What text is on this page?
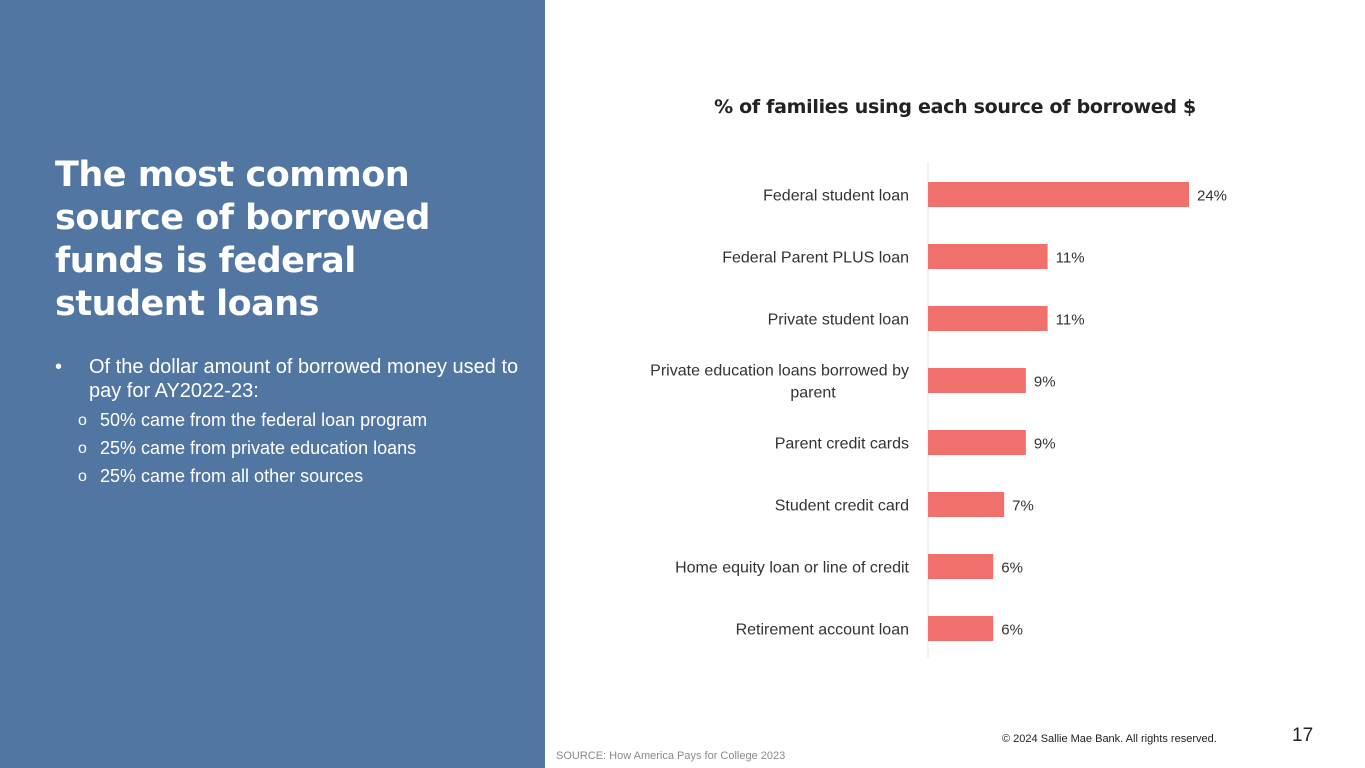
The most common
source of borrowed
funds is federal
student loans
• Of the dollar amount of borrowed money used to pay for AY2022-23:
o 50% came from the federal loan program
o 25% came from private education loans
o 25% came from all other sources
% of families using each source of borrowed $
24%
Federal student loan
11%
Federal Parent PLUS loan
11%
Private student loan
9%
Private education loans borrowed by parent
9%
Parent credit cards
7%
Student credit card
6%
Home equity loan or line of credit
6%
Retirement account loan
SOURCE: How America Pays for College 2023
© 2024 Sallie Mae Bank. All rights reserved.	17
